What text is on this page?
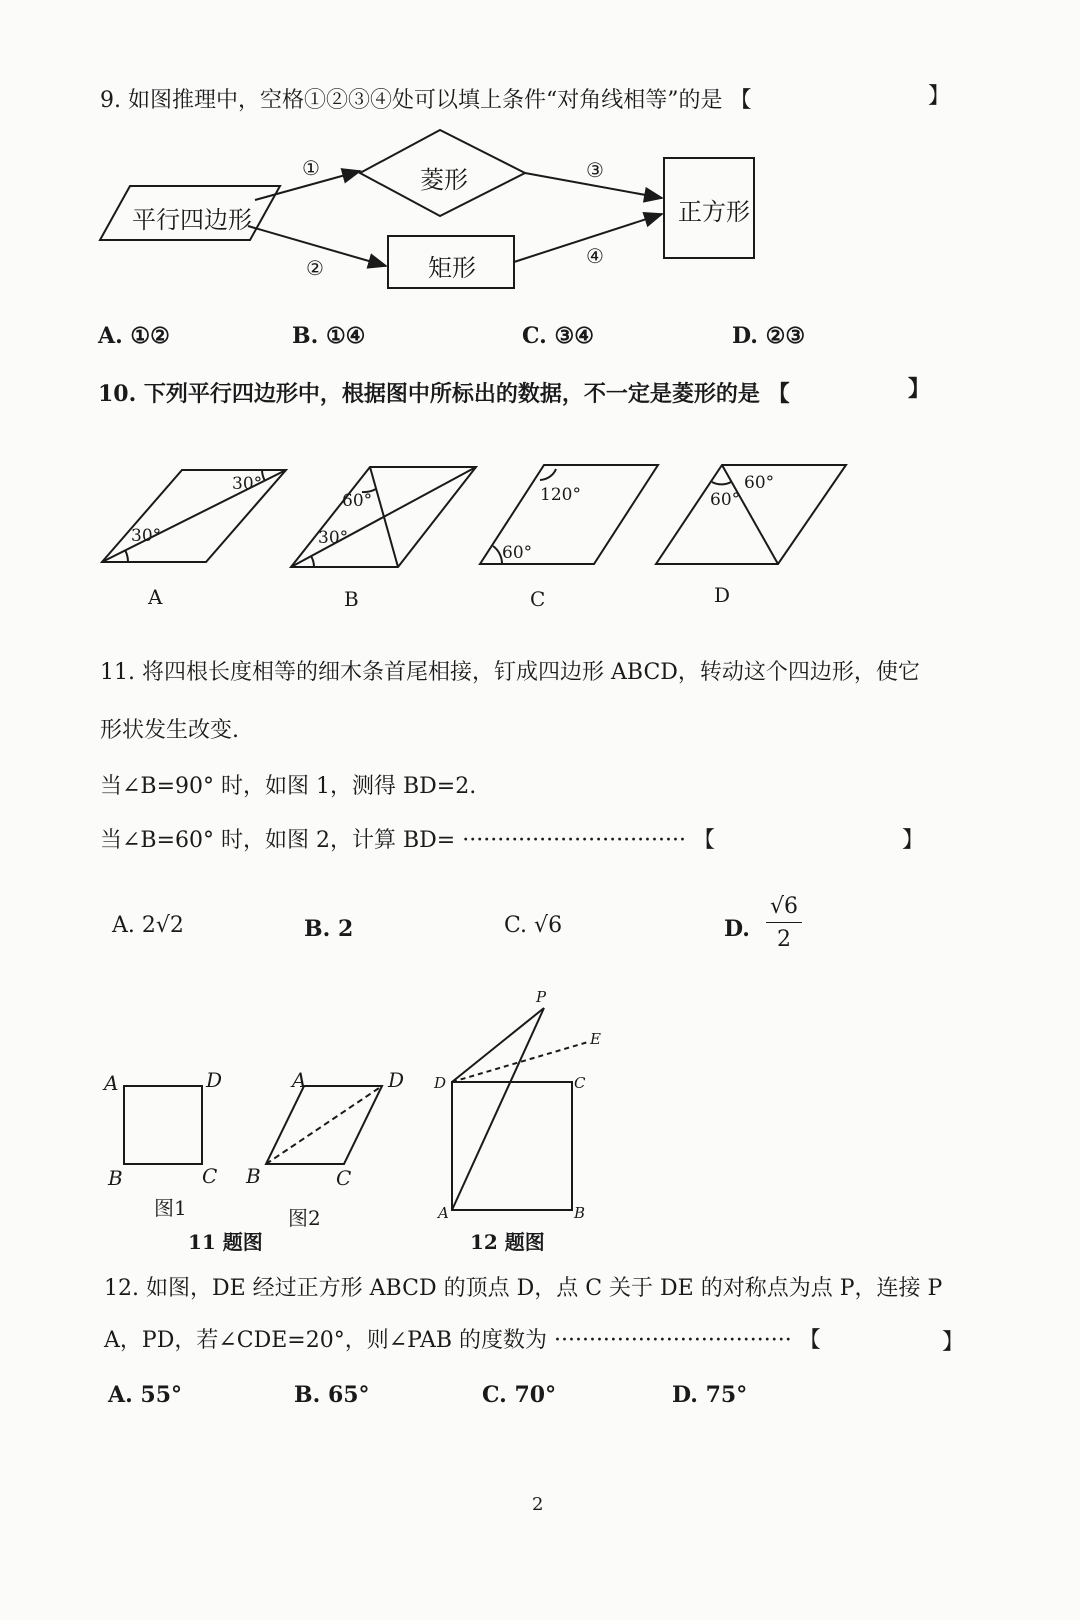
9. 如图推理中，空格①②③④处可以填上条件“对角线相等”的是 【	】
平行四边形
菱形
矩形
正方形
①
②
③
④
A. ①②	B. ①④	C. ③④	D. ②③
10. 下列平行四边形中，根据图中所标出的数据，不一定是菱形的是 【	】
30°
30°
A
60°
30°
B
120°
60°
C
60°
60°
D
11. 将四根长度相等的细木条首尾相接，钉成四边形 ABCD，转动这个四边形，使它
形状发生改变.
当∠B=90° 时，如图 1，测得 BD=2.
当∠B=60° 时，如图 2，计算 BD= ································ 【	】
A. 2√2	B. 2	C. √6	D. $\frac{√6}{2}$
A	D
B	C
图1
A	D
B	C
图2
11 题图
P
E
D	C
A	B
12 题图
12. 如图，DE 经过正方形 ABCD 的顶点 D，点 C 关于 DE 的对称点为点 P，连接 P
A，PD，若∠CDE=20°，则∠PAB 的度数为 ·································· 【	】
A. 55°	B. 65°	C. 70°	D. 75°
2
